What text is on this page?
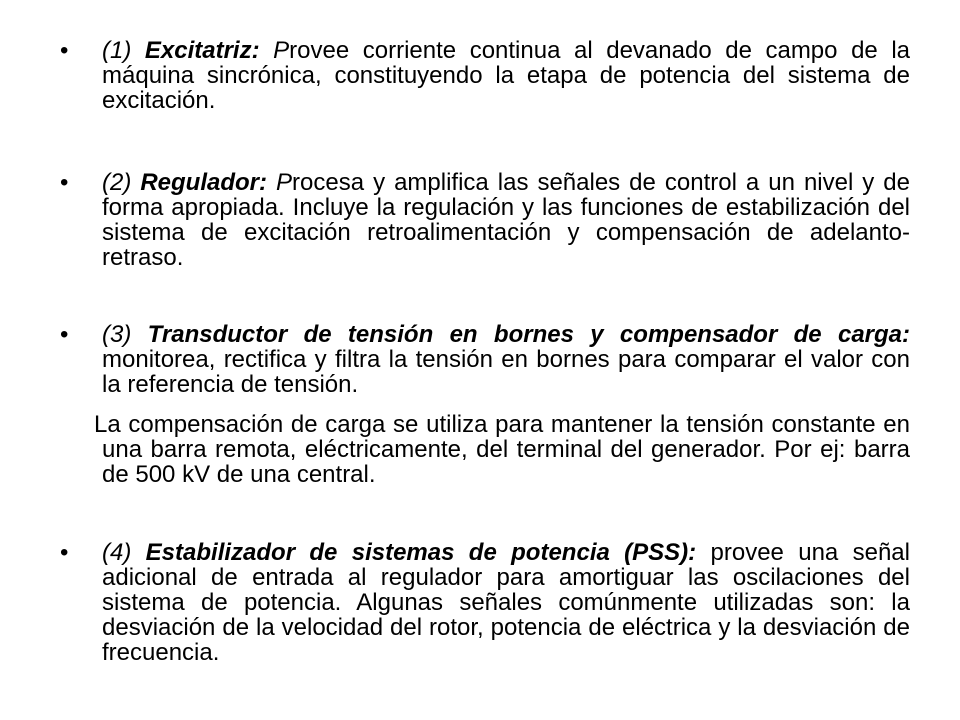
• (1) Excitatriz: Provee corriente continua al devanado de campo de la máquina sincrónica, constituyendo la etapa de potencia del sistema de excitación.
• (2) Regulador: Procesa y amplifica las señales de control a un nivel y de forma apropiada. Incluye la regulación y las funciones de estabilización del sistema de excitación retroalimentación y compensación de adelanto-retraso.
• (3) Transductor de tensión en bornes y compensador de carga: monitorea, rectifica y filtra la tensión en bornes para comparar el valor con la referencia de tensión.
La compensación de carga se utiliza para mantener la tensión constante en una barra remota, eléctricamente, del terminal del generador. Por ej: barra de 500 kV de una central.
• (4) Estabilizador de sistemas de potencia (PSS): provee una señal adicional de entrada al regulador para amortiguar las oscilaciones del sistema de potencia. Algunas señales comúnmente utilizadas son: la desviación de la velocidad del rotor, potencia de eléctrica y la desviación de frecuencia.
